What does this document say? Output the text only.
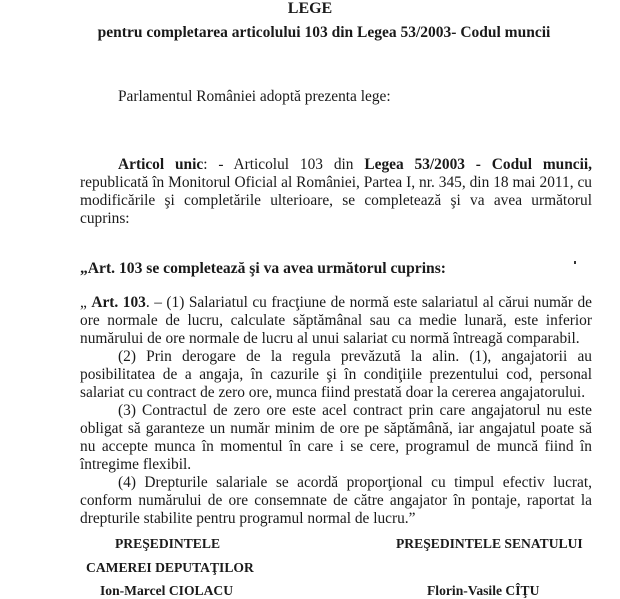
LEGE
pentru completarea articolului 103 din Legea 53/2003- Codul muncii
Parlamentul României adoptă prezenta lege:
Articol unic: - Articolul 103 din Legea 53/2003 - Codul muncii,
republicată în Monitorul Oficial al României, Partea I, nr. 345, din 18 mai 2011, cu
modificările şi completările ulterioare, se completează şi va avea următorul
cuprins:
„Art. 103 se completează şi va avea următorul cuprins:
„ Art. 103. – (1) Salariatul cu fracţiune de normă este salariatul al cărui număr de
ore normale de lucru, calculate săptămânal sau ca medie lunară, este inferior
numărului de ore normale de lucru al unui salariat cu normă întreagă comparabil.
(2) Prin derogare de la regula prevăzută la alin. (1), angajatorii au
posibilitatea de a angaja, în cazurile şi în condiţiile prezentului cod, personal
salariat cu contract de zero ore, munca fiind prestată doar la cererea angajatorului.
(3) Contractul de zero ore este acel contract prin care angajatorul nu este
obligat să garanteze un număr minim de ore pe săptămână, iar angajatul poate să
nu accepte munca în momentul în care i se cere, programul de muncă fiind în
întregime flexibil.
(4) Drepturile salariale se acordă proporţional cu timpul efectiv lucrat,
conform numărului de ore consemnate de către angajator în pontaje, raportat la
drepturile stabilite pentru programul normal de lucru.”
PREŞEDINTELE
CAMEREI DEPUTAŢILOR
Ion-Marcel CIOLACU
PREŞEDINTELE SENATULUI
Florin-Vasile CÎŢU
